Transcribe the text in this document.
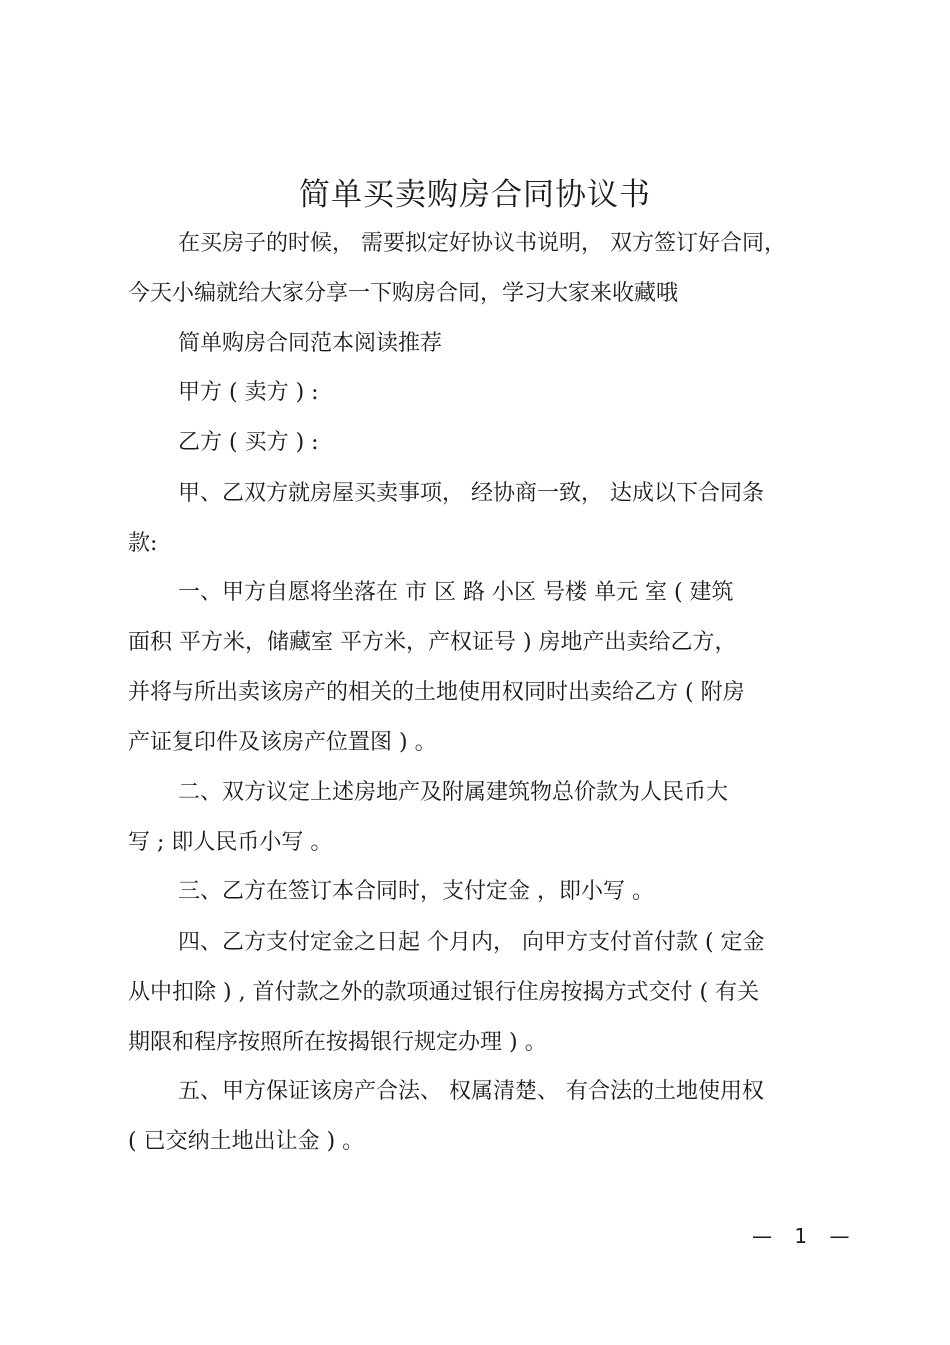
简单买卖购房合同协议书
在买房子的时候， 需要拟定好协议书说明， 双方签订好合同，
今天小编就给大家分享一下购房合同，学习大家来收藏哦
简单购房合同范本阅读推荐
甲方 ( 卖方 ) :
乙方 ( 买方 ) :
甲、乙双方就房屋买卖事项， 经协商一致， 达成以下合同条
款:
一、甲方自愿将坐落在 市 区 路 小区 号楼 单元 室 ( 建筑
面积 平方米，储藏室 平方米，产权证号 ) 房地产出卖给乙方，
并将与所出卖该房产的相关的土地使用权同时出卖给乙方 ( 附房
产证复印件及该房产位置图 ) 。
二、双方议定上述房地产及附属建筑物总价款为人民币大
写 ; 即人民币小写 。
三、乙方在签订本合同时，支付定金 ，即小写 。
四、乙方支付定金之日起 个月内， 向甲方支付首付款 ( 定金
从中扣除 ) , 首付款之外的款项通过银行住房按揭方式交付 ( 有关
期限和程序按照所在按揭银行规定办理 ) 。
五、甲方保证该房产合法、 权属清楚、 有合法的土地使用权
( 已交纳土地出让金 ) 。
— 1 —
